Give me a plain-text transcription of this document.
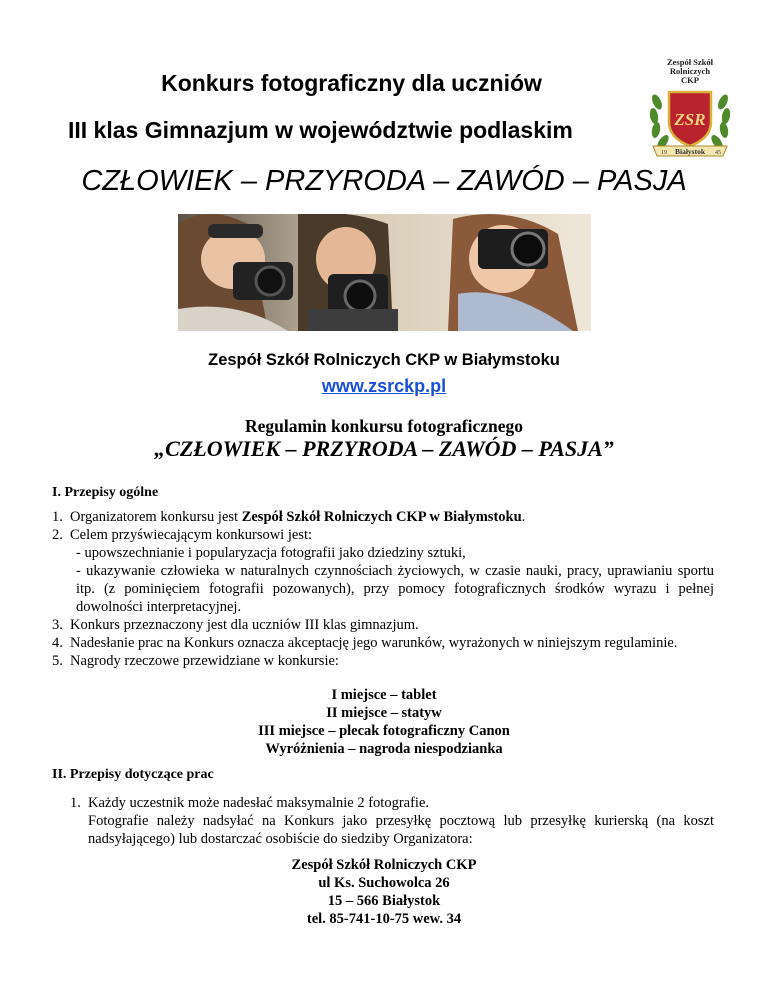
Konkurs fotograficzny dla uczniów
III klas Gimnazjum w województwie podlaskim
CZŁOWIEK – PRZYRODA – ZAWÓD – PASJA
Zespół Szkół
Rolniczych
CKP
ZSR
Białystok
19	45
Zespół Szkół Rolniczych CKP w Białymstoku
www.zsrckp.pl
Regulamin konkursu fotograficznego
„CZŁOWIEK – PRZYRODA – ZAWÓD – PASJA”
I. Przepisy ogólne
1. Organizatorem konkursu jest Zespół Szkół Rolniczych CKP w Białymstoku.
2. Celem przyświecającym konkursowi jest:
- upowszechnianie i popularyzacja fotografii jako dziedziny sztuki,
- ukazywanie człowieka w naturalnych czynnościach życiowych, w czasie nauki, pracy, uprawianiu sportu itp. (z pominięciem fotografii pozowanych), przy pomocy fotograficznych środków wyrazu i pełnej dowolności interpretacyjnej.
3. Konkurs przeznaczony jest dla uczniów III klas gimnazjum.
4. Nadesłanie prac na Konkurs oznacza akceptację jego warunków, wyrażonych w niniejszym regulaminie.
5. Nagrody rzeczowe przewidziane w konkursie:
I miejsce – tablet
II miejsce – statyw
III miejsce – plecak fotograficzny Canon
Wyróżnienia – nagroda niespodzianka
II. Przepisy dotyczące prac
1. Każdy uczestnik może nadesłać maksymalnie 2 fotografie.
Fotografie należy nadsyłać na Konkurs jako przesyłkę pocztową lub przesyłkę kurierską (na koszt nadsyłającego) lub dostarczać osobiście do siedziby Organizatora:
Zespół Szkół Rolniczych CKP
ul Ks. Suchowolca 26
15 – 566 Białystok
tel. 85-741-10-75 wew. 34
